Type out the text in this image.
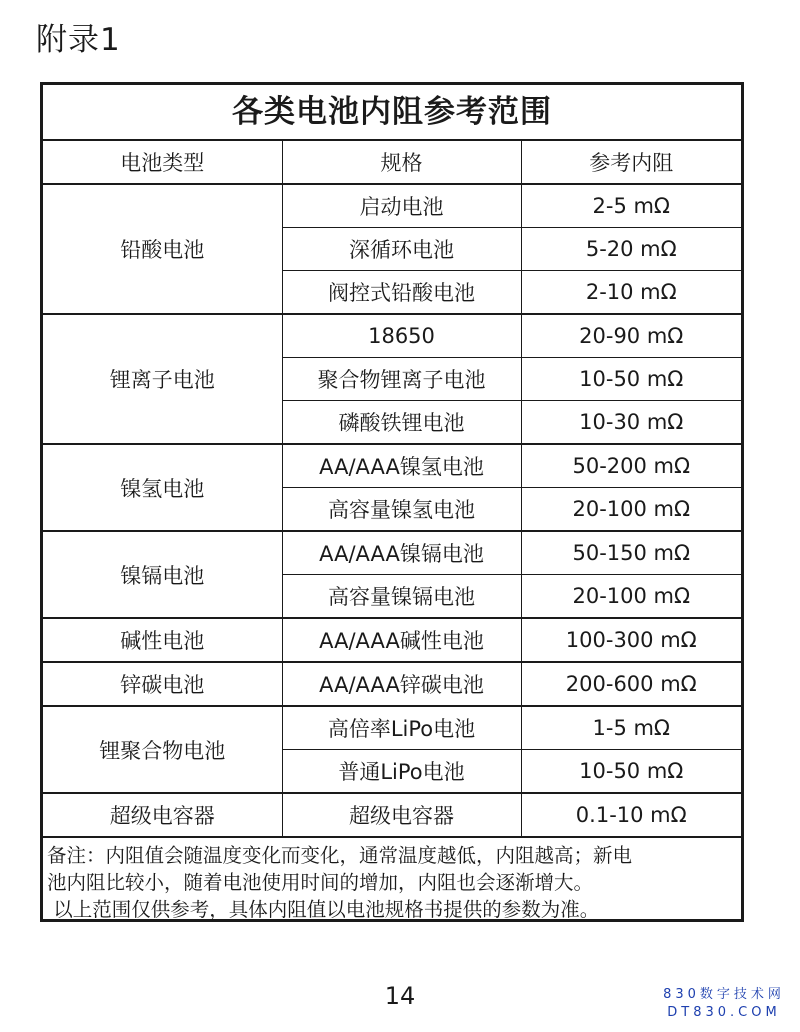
附录1
各类电池内阻参考范围
电池类型	规格	参考内阻
铅酸电池	启动电池	2-5 mΩ
	深循环电池	5-20 mΩ
	阀控式铅酸电池	2-10 mΩ
锂离子电池	18650	20-90 mΩ
	聚合物锂离子电池	10-50 mΩ
	磷酸铁锂电池	10-30 mΩ
镍氢电池	AA/AAA镍氢电池	50-200 mΩ
	高容量镍氢电池	20-100 mΩ
镍镉电池	AA/AAA镍镉电池	50-150 mΩ
	高容量镍镉电池	20-100 mΩ
碱性电池	AA/AAA碱性电池	100-300 mΩ
锌碳电池	AA/AAA锌碳电池	200-600 mΩ
锂聚合物电池	高倍率LiPo电池	1-5 mΩ
	普通LiPo电池	10-50 mΩ
超级电容器	超级电容器	0.1-10 mΩ
备注：内阻值会随温度变化而变化，通常温度越低，内阻越高；新电
池内阻比较小，随着电池使用时间的增加，内阻也会逐渐增大。
以上范围仅供参考，具体内阻值以电池规格书提供的参数为准。
14	830数字技术网
DT830.COM
